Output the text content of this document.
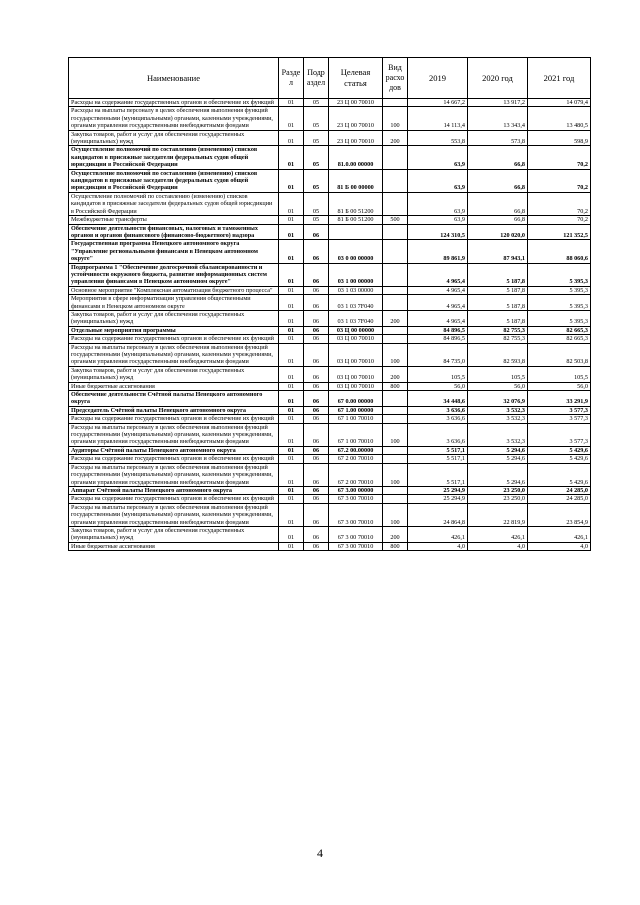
Наименование	Разде л	Подр аздел	Целевая статья	Вид расхо дов	2019	2020 год	2021 год
Расходы на содержание государственных органов и обеспечение их функций	01	05	23 Ц 00 70010		14 667,2	13 917,2	14 079,4
Расходы на выплаты персоналу в целях обеспечения выполнения функций государственными (муниципальными) органами, казенными учреждениями, органами управления государственными внебюджетными фондами	01	05	23 Ц 00 70010	100	14 113,4	13 343,4	13 480,5
Закупка товаров, работ и услуг для обеспечения государственных (муниципальных) нужд	01	05	23 Ц 00 70010	200	553,8	573,8	598,9
Осуществление полномочий по составлению (изменению) списков кандидатов в присяжные заседатели федеральных судов общей юрисдикции в Российской Федерации	01	05	81.0.00 00000		63,9	66,8	70,2
Осуществление полномочий по составлению (изменению) списков кандидатов в присяжные заседатели федеральных судов общей юрисдикции в Российской Федерации	01	05	81 Б 00 00000		63,9	66,8	70,2
Осуществление полномочий по составлению (изменению) списков кандидатов в присяжные заседатели федеральных судов общей юрисдикции в Российской Федерации	01	05	81 Б 00 51200		63,9	66,8	70,2
Межбюджетные трансферты	01	05	81 Б 00 51200	500	63,9	66,8	70,2
Обеспечение деятельности финансовых, налоговых и таможенных органов и органов финансового (финансово-бюджетного) надзора	01	06			124 310,5	120 020,0	121 352,5
Государственная программа Ненецкого автономного округа "Управление региональными финансами в Ненецком автономном округе"	01	06	03 0 00 00000		89 861,9	87 943,1	88 060,6
Подпрограмма 1 "Обеспечение долгосрочной сбалансированности и устойчивости окружного бюджета, развитие информационных систем управления финансами в Ненецком автономном округе"	01	06	03 1 00 00000		4 965,4	5 187,8	5 395,3
Основное мероприятие "Комплексная автоматизация бюджетного процесса"	01	06	03 1 03 00000		4 965,4	5 187,8	5 395,3
Мероприятия в сфере информатизации управления общественными финансами в Ненецком автономном округе	01	06	03 1 03 7F040		4 965,4	5 187,8	5 395,3
Закупка товаров, работ и услуг для обеспечения государственных (муниципальных) нужд	01	06	03 1 03 7F040	200	4 965,4	5 187,8	5 395,3
Отдельные мероприятия программы	01	06	03 Ц 00 00000		84 896,5	82 755,3	82 665,3
Расходы на содержание государственных органов и обеспечение их функций	01	06	03 Ц 00 70010		84 896,5	82 755,3	82 665,3
Расходы на выплаты персоналу в целях обеспечения выполнения функций государственными (муниципальными) органами, казенными учреждениями, органами управления государственными внебюджетными фондами	01	06	03 Ц 00 70010	100	84 735,0	82 593,8	82 503,8
Закупка товаров, работ и услуг для обеспечения государственных (муниципальных) нужд	01	06	03 Ц 00 70010	200	105,5	105,5	105,5
Иные бюджетные ассигнования	01	06	03 Ц 00 70010	800	56,0	56,0	56,0
Обеспечение деятельности Счётной палаты Ненецкого автономного округа	01	06	67 0.00 00000		34 448,6	32 076,9	33 291,9
Председатель Счётной палаты Ненецкого автономного округа	01	06	67 1.00 00000		3 636,6	3 532,3	3 577,3
Расходы на содержание государственных органов и обеспечение их функций	01	06	67 1 00 70010		3 636,6	3 532,3	3 577,3
Расходы на выплаты персоналу в целях обеспечения выполнения функций государственными (муниципальными) органами, казенными учреждениями, органами управления государственными внебюджетными фондами	01	06	67 1 00 70010	100	3 636,6	3 532,3	3 577,3
Аудиторы Счётной палаты Ненецкого автономного округа	01	06	67.2 00.00000		5 517,1	5 294,6	5 429,6
Расходы на содержание государственных органов и обеспечение их функций	01	06	67 2 00 70010		5 517,1	5 294,6	5 429,6
Расходы на выплаты персоналу в целях обеспечения выполнения функций государственными (муниципальными) органами, казенными учреждениями, органами управления государственными внебюджетными фондами	01	06	67 2 00 70010	100	5 517,1	5 294,6	5 429,6
Аппарат Счётной палаты Ненецкого автономного округа	01	06	67 3.00 00000		25 294,9	23 250,0	24 285,0
Расходы на содержание государственных органов и обеспечение их функций	01	06	67 3 00 70010		25 294,9	23 250,0	24 285,0
Расходы на выплаты персоналу в целях обеспечения выполнения функций государственными (муниципальными) органами, казенными учреждениями, органами управления государственными внебюджетными фондами	01	06	67 3 00 70010	100	24 864,8	22 819,9	23 854,9
Закупка товаров, работ и услуг для обеспечения государственных (муниципальных) нужд	01	06	67 3 00 70010	200	426,1	426,1	426,1
Иные бюджетные ассигнования	01	06	67 3 00 70010	800	4,0	4,0	4,0
4
